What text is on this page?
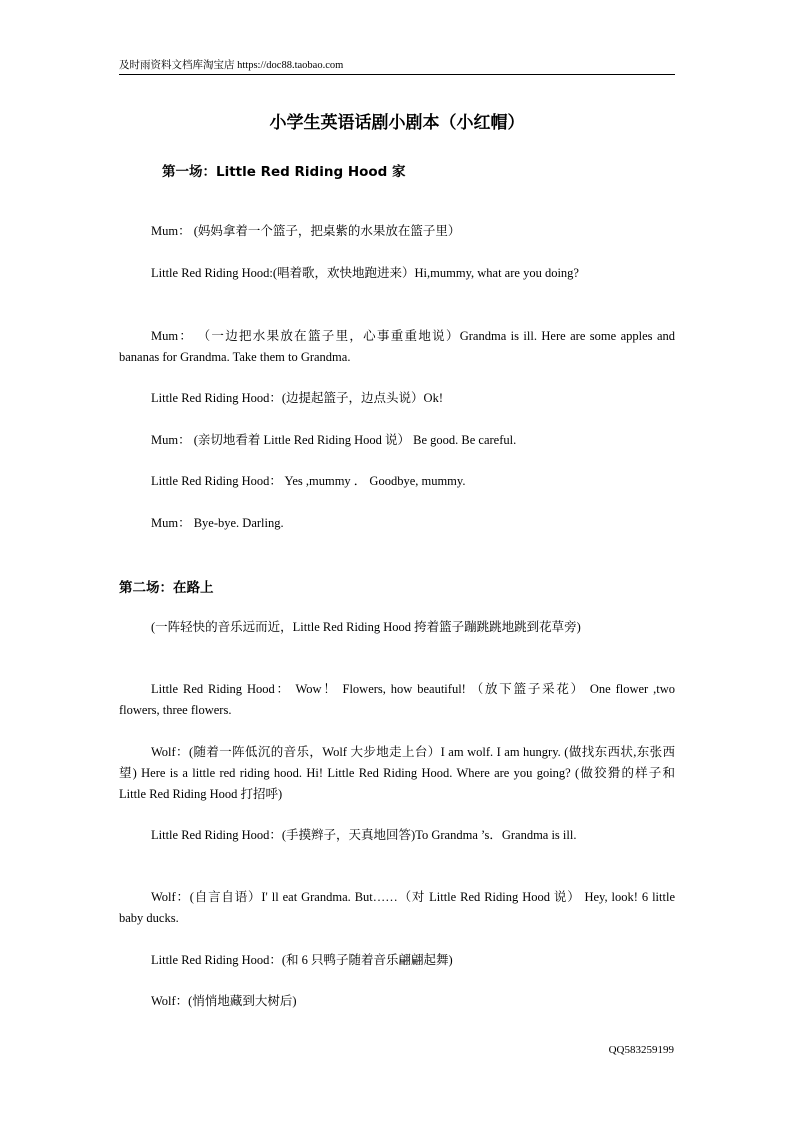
及时雨资料文档库淘宝店 https://doc88.taobao.com
小学生英语话剧小剧本（小红帽）
第一场：Little Red Riding Hood 家
Mum： (妈妈拿着一个篮子，把桌紫的水果放在篮子里）
Little Red Riding Hood:(唱着歌，欢快地跑进来）Hi,mummy, what are you doing?
Mum： （一边把水果放在篮子里，心事重重地说）Grandma is ill. Here are some apples and bananas for Grandma. Take them to Grandma.
Little Red Riding Hood：(边提起篮子，边点头说）Ok!
Mum： (亲切地看着 Little Red Riding Hood 说） Be good. Be careful.
Little Red Riding Hood： Yes ,mummy ． Goodbye, mummy.
Mum： Bye-bye. Darling.
第二场：在路上
(一阵轻快的音乐远而近，Little Red Riding Hood 挎着篮子蹦跳跳地跳到花草旁)
Little Red Riding Hood： Wow！ Flowers, how beautiful! （放下篮子采花） One flower ,two flowers, three flowers.
Wolf：(随着一阵低沉的音乐，Wolf 大步地走上台）I am wolf. I am hungry. (做找东西状,东张西望) Here is a little red riding hood. Hi! Little Red Riding Hood. Where are you going? (做狡猾的样子和 Little Red Riding Hood 打招呼)
Little Red Riding Hood：(手摸辫子，天真地回答)To Grandma ’s．Grandma is ill.
Wolf：(自言自语）I' ll eat Grandma. But……（对 Little Red Riding Hood 说） Hey, look! 6 little baby ducks.
Little Red Riding Hood：(和 6 只鸭子随着音乐翩翩起舞)
Wolf：(悄悄地藏到大树后)
QQ583259199
